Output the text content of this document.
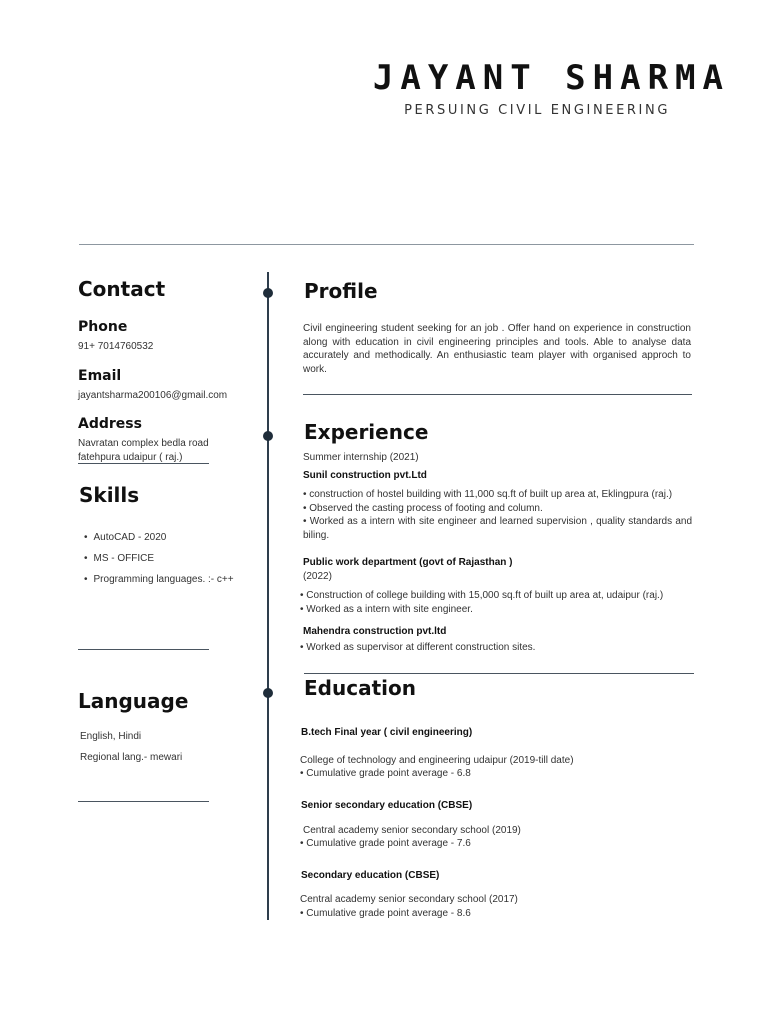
JAYANT SHARMA
PERSUING CIVIL ENGINEERING
Contact
Phone
91+ 7014760532
Email
jayantsharma200106@gmail.com
Address
Navratan complex bedla road
fatehpura udaipur ( raj.)
Skills
• AutoCAD - 2020
• MS - OFFICE
• Programming languages. :- c++
Language
English, Hindi
Regional lang.- mewari
Profile
Civil engineering student seeking for an job . Offer hand on experience in construction along with education in civil engineering principles and tools. Able to analyse data accurately and methodically. An enthusiastic team player with organised approch to work.
Experience
Summer internship (2021)
Sunil construction pvt.Ltd
• construction of hostel building with 11,000 sq.ft of built up area at, Eklingpura (raj.)
• Observed the casting process of footing and column.
• Worked as a intern with site engineer and learned supervision , quality standards and biling.
Public work department (govt of Rajasthan )
(2022)
• Construction of college building with 15,000 sq.ft of built up area at, udaipur (raj.)
• Worked as a intern with site engineer.
Mahendra construction pvt.ltd
• Worked as supervisor at different construction sites.
Education
B.tech Final year ( civil engineering)
College of technology and engineering udaipur (2019-till date)
• Cumulative grade point average - 6.8
Senior secondary education (CBSE)
Central academy senior secondary school (2019)
• Cumulative grade point average - 7.6
Secondary education (CBSE)
Central academy senior secondary school (2017)
• Cumulative grade point average - 8.6
